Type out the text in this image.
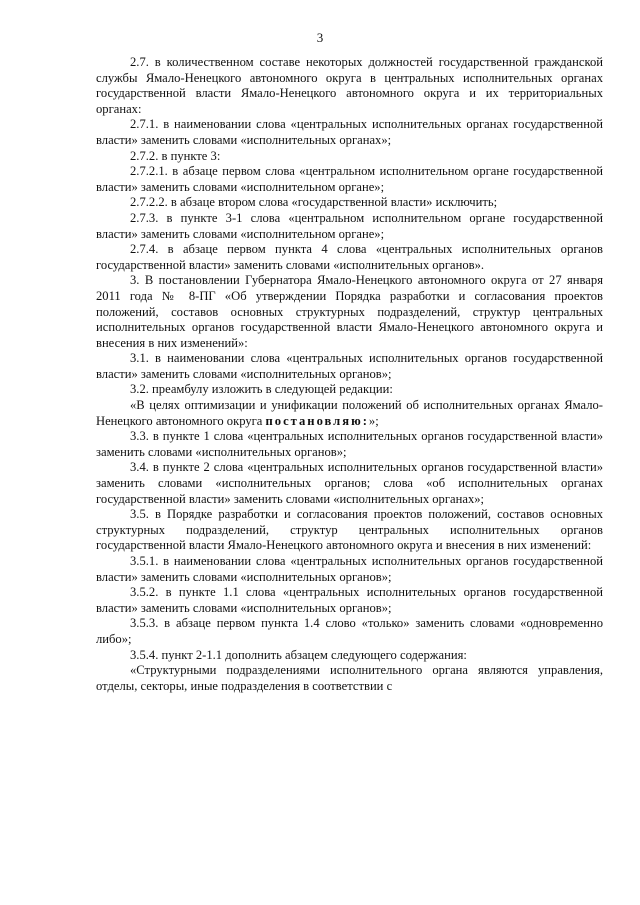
3

2.7. в количественном составе некоторых должностей государственной гражданской службы Ямало-Ненецкого автономного округа в центральных исполнительных органах государственной власти Ямало-Ненецкого автономного округа и их территориальных органах:

2.7.1. в наименовании слова «центральных исполнительных органах государственной власти» заменить словами «исполнительных органах»;

2.7.2. в пункте 3:

2.7.2.1. в абзаце первом слова «центральном исполнительном органе государственной власти» заменить словами «исполнительном органе»;

2.7.2.2. в абзаце втором слова «государственной власти» исключить;

2.7.3. в пункте 3-1 слова «центральном исполнительном органе государственной власти» заменить словами «исполнительном органе»;

2.7.4. в абзаце первом пункта 4 слова «центральных исполнительных органов государственной власти» заменить словами «исполнительных органов».

3. В постановлении Губернатора Ямало-Ненецкого автономного округа от 27 января 2011 года № 8-ПГ «Об утверждении Порядка разработки и согласования проектов положений, составов основных структурных подразделений, структур центральных исполнительных органов государственной власти Ямало-Ненецкого автономного округа и внесения в них изменений»:

3.1. в наименовании слова «центральных исполнительных органов государственной власти» заменить словами «исполнительных органов»;

3.2. преамбулу изложить в следующей редакции:

«В целях оптимизации и унификации положений об исполнительных органах Ямало-Ненецкого автономного округа постановляю:»;

3.3. в пункте 1 слова «центральных исполнительных органов государственной власти» заменить словами «исполнительных органов»;

3.4. в пункте 2 слова «центральных исполнительных органов государственной власти» заменить словами «исполнительных органов; слова «об исполнительных органах государственной власти» заменить словами «исполнительных органах»;

3.5. в Порядке разработки и согласования проектов положений, составов основных структурных подразделений, структур центральных исполнительных органов государственной власти Ямало-Ненецкого автономного округа и внесения в них изменений:

3.5.1. в наименовании слова «центральных исполнительных органов государственной власти» заменить словами «исполнительных органов»;

3.5.2. в пункте 1.1 слова «центральных исполнительных органов государственной власти» заменить словами «исполнительных органов»;

3.5.3. в абзаце первом пункта 1.4 слово «только» заменить словами «одновременно либо»;

3.5.4. пункт 2-1.1 дополнить абзацем следующего содержания:

«Структурными подразделениями исполнительного органа являются управления, отделы, секторы, иные подразделения в соответствии с
